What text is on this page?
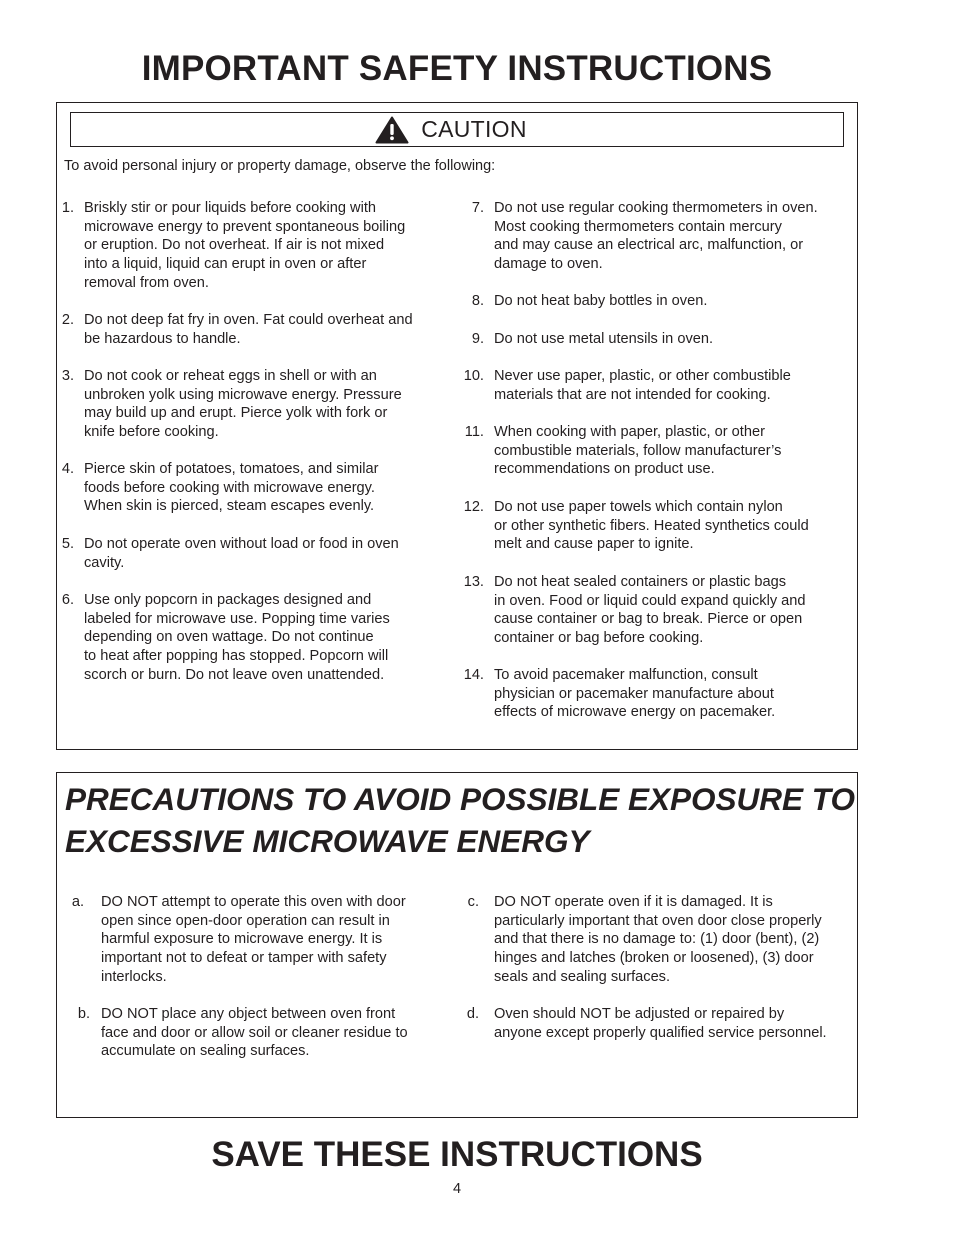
IMPORTANT SAFETY INSTRUCTIONS
CAUTION
To avoid personal injury or property damage, observe the following:
1. Briskly stir or pour liquids before cooking with
microwave energy to prevent spontaneous boiling
or eruption. Do not overheat. If air is not mixed
into a liquid, liquid can erupt in oven or after
removal from oven.
2. Do not deep fat fry in oven. Fat could overheat and
be hazardous to handle.
3. Do not cook or reheat eggs in shell or with an
unbroken yolk using microwave energy. Pressure
may build up and erupt. Pierce yolk with fork or
knife before cooking.
4. Pierce skin of potatoes, tomatoes, and similar
foods before cooking with microwave energy.
When skin is pierced, steam escapes evenly.
5. Do not operate oven without load or food in oven
cavity.
6. Use only popcorn in packages designed and
labeled for microwave use. Popping time varies
depending on oven wattage. Do not continue
to heat after popping has stopped. Popcorn will
scorch or burn. Do not leave oven unattended.
7. Do not use regular cooking thermometers in oven.
Most cooking thermometers contain mercury
and may cause an electrical arc, malfunction, or
damage to oven.
8. Do not heat baby bottles in oven.
9. Do not use metal utensils in oven.
10. Never use paper, plastic, or other combustible
materials that are not intended for cooking.
11. When cooking with paper, plastic, or other
combustible materials, follow manufacturer’s
recommendations on product use.
12. Do not use paper towels which contain nylon
or other synthetic fibers. Heated synthetics could
melt and cause paper to ignite.
13. Do not heat sealed containers or plastic bags
in oven. Food or liquid could expand quickly and
cause container or bag to break. Pierce or open
container or bag before cooking.
14. To avoid pacemaker malfunction, consult
physician or pacemaker manufacture about
effects of microwave energy on pacemaker.
PRECAUTIONS TO AVOID POSSIBLE EXPOSURE TO
EXCESSIVE MICROWAVE ENERGY
a. DO NOT attempt to operate this oven with door
open since open-door operation can result in
harmful exposure to microwave energy. It is
important not to defeat or tamper with safety
interlocks.
b. DO NOT place any object between oven front
face and door or allow soil or cleaner residue to
accumulate on sealing surfaces.
c. DO NOT operate oven if it is damaged. It is
particularly important that oven door close properly
and that there is no damage to: (1) door (bent), (2)
hinges and latches (broken or loosened), (3) door
seals and sealing surfaces.
d. Oven should NOT be adjusted or repaired by
anyone except properly qualified service personnel.
SAVE THESE INSTRUCTIONS
4
